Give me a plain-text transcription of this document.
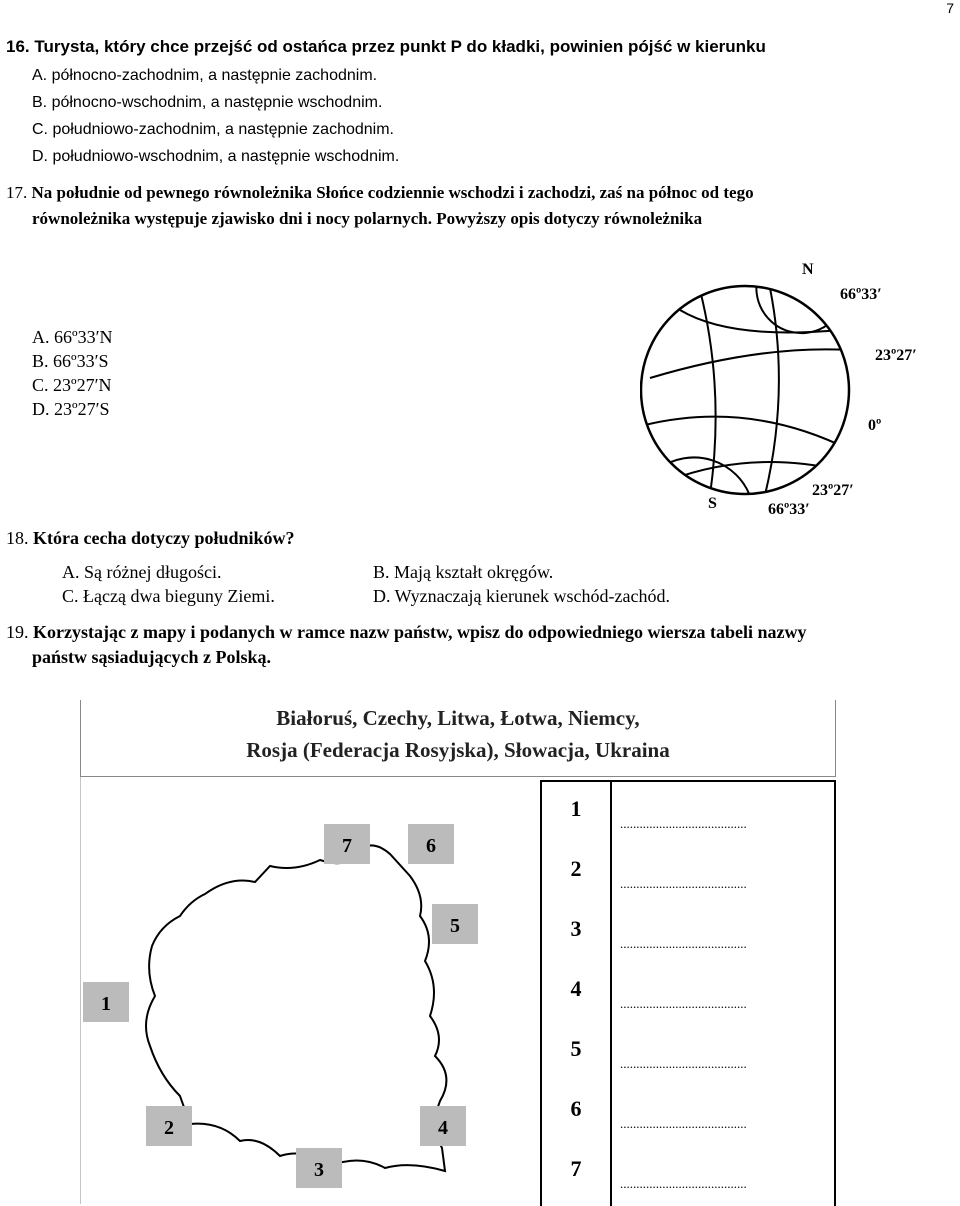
7
16. Turysta, który chce przejść od ostańca przez punkt P do kładki, powinien pójść w kierunku
A. północno-zachodnim, a następnie zachodnim.
B. północno-wschodnim, a następnie wschodnim.
C. południowo-zachodnim, a następnie zachodnim.
D. południowo-wschodnim, a następnie wschodnim.
17. Na południe od pewnego równoleżnika Słońce codziennie wschodzi i zachodzi, zaś na północ od tego
równoleżnika występuje zjawisko dni i nocy polarnych. Powyższy opis dotyczy równoleżnika
A. 66º33′N
B. 66º33′S
C. 23º27′N
D. 23º27′S
N
66º33′
23º27′
0º
23º27′
S	66º33′
18. Która cecha dotyczy południków?
A. Są różnej długości.	B. Mają kształt okręgów.
C. Łączą dwa bieguny Ziemi.	D. Wyznaczają kierunek wschód-zachód.
19. Korzystając z mapy i podanych w ramce nazw państw, wpisz do odpowiedniego wiersza tabeli nazwy
państw sąsiadujących z Polską.
Białoruś, Czechy, Litwa, Łotwa, Niemcy,
Rosja (Federacja Rosyjska), Słowacja, Ukraina
1
2
3
4
5
6
7
1
.......................................
2
.......................................
3
.......................................
4
.......................................
5
.......................................
6
.......................................
7
.......................................
